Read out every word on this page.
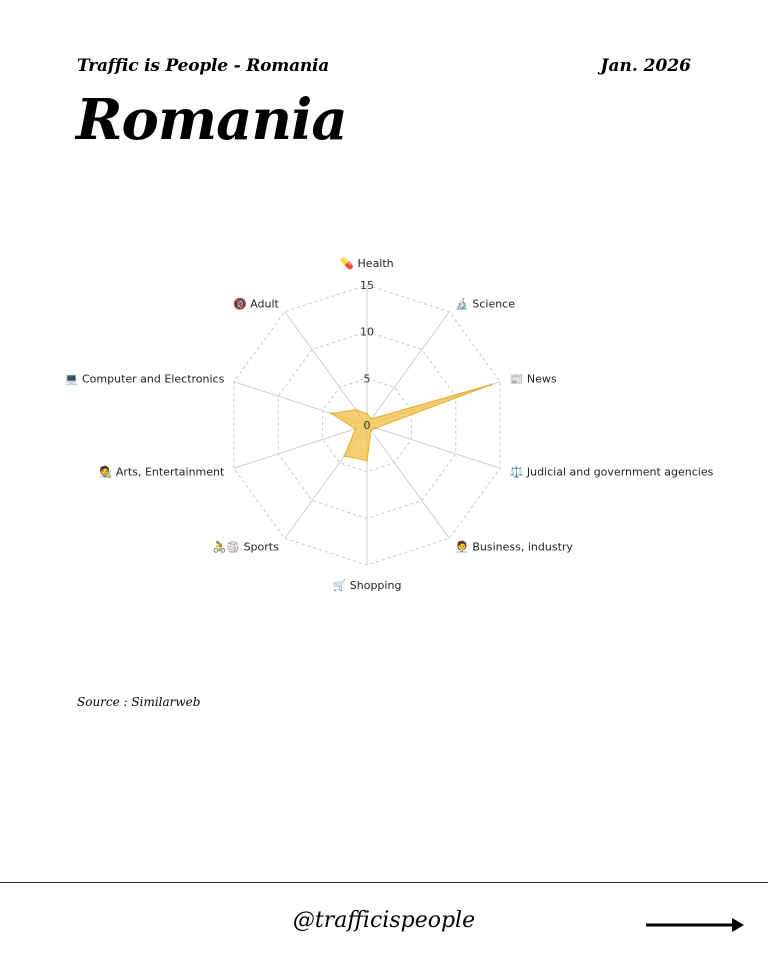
Traffic is People - Romania	Jan. 2026
Romania
0
5
10
15
💊 Health
🔬 Science
📰 News
⚖️ Judicial and government agencies
🧑‍💼 Business, industry
🛒 Shopping
🚴🏐 Sports
🧑‍🎨 Arts, Entertainment
💻 Computer and Electronics
🔞 Adult
Source : Similarweb
@trafficispeople
